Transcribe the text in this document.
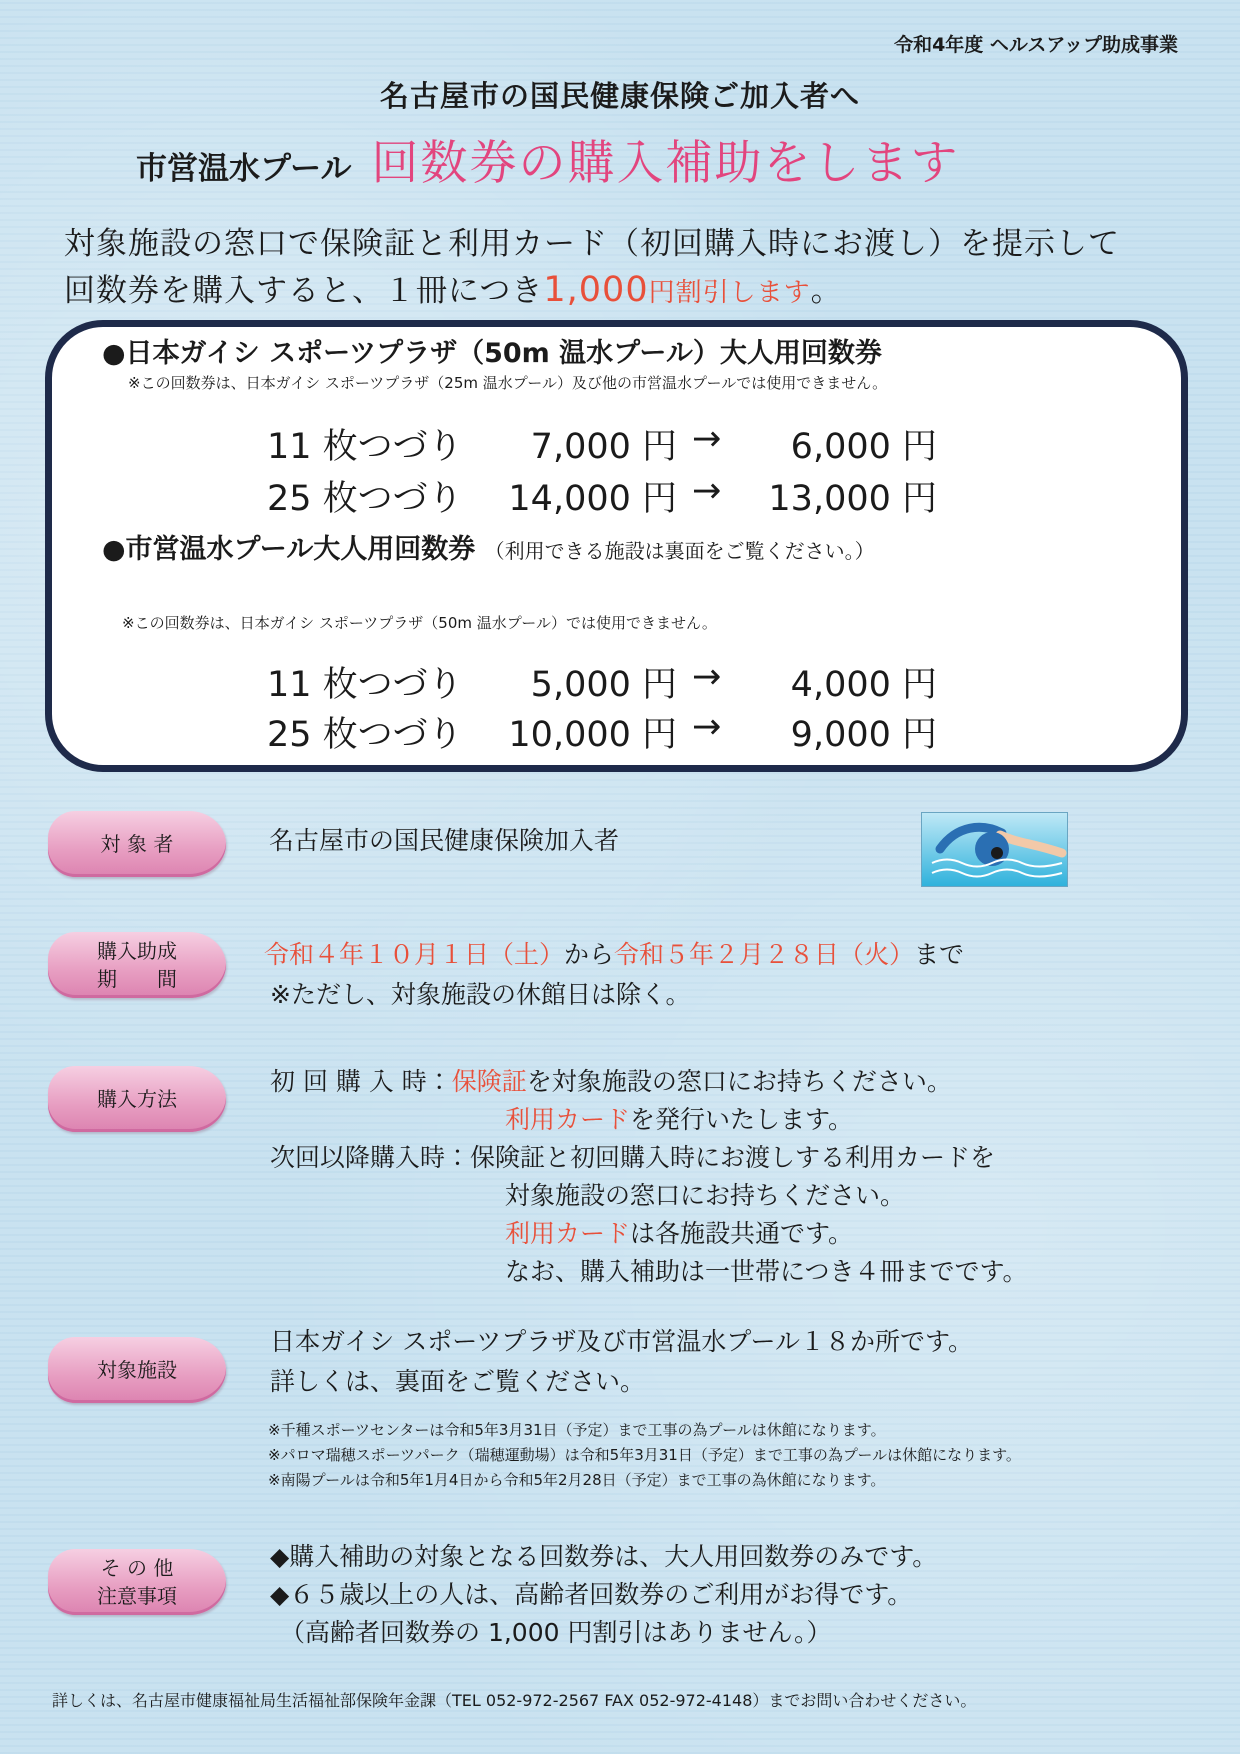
令和4年度 ヘルスアップ助成事業
名古屋市の国民健康保険ご加入者へ
市営温水プール 回数券の購入補助をします
対象施設の窓口で保険証と利用カード（初回購入時にお渡し）を提示して
回数券を購入すると、１冊につき1,000円割引します。
●日本ガイシ スポーツプラザ（50m 温水プール）大人用回数券
※この回数券は、日本ガイシ スポーツプラザ（25m 温水プール）及び他の市営温水プールでは使用できません。
11 枚つづり	7,000 円 →	6,000 円
25 枚つづり	14,000 円 → 13,000 円
●市営温水プール大人用回数券 （利用できる施設は裏面をご覧ください。）
※この回数券は、日本ガイシ スポーツプラザ（50m 温水プール）では使用できません。
11 枚つづり	5,000 円 →	4,000 円
25 枚つづり	10,000 円 →	9,000 円
対 象 者	名古屋市の国民健康保険加入者
購入助成
期　　間
令和４年１０月１日（土）から令和５年２月２８日（火）まで
※ただし、対象施設の休館日は除く。
購入方法
初 回 購 入 時：保険証を対象施設の窓口にお持ちください。
利用カードを発行いたします。
次回以降購入時：保険証と初回購入時にお渡しする利用カードを
対象施設の窓口にお持ちください。
利用カードは各施設共通です。
なお、購入補助は一世帯につき４冊までです。
対象施設
日本ガイシ スポーツプラザ及び市営温水プール１８か所です。
詳しくは、裏面をご覧ください。
※千種スポーツセンターは令和5年3月31日（予定）まで工事の為プールは休館になります。
※パロマ瑞穂スポーツパーク（瑞穂運動場）は令和5年3月31日（予定）まで工事の為プールは休館になります。
※南陽プールは令和5年1月4日から令和5年2月28日（予定）まで工事の為休館になります。
そ の 他
注意事項
◆購入補助の対象となる回数券は、大人用回数券のみです。
◆６５歳以上の人は、高齢者回数券のご利用がお得です。
（高齢者回数券の 1,000 円割引はありません。）
詳しくは、名古屋市健康福祉局生活福祉部保険年金課（TEL 052-972-2567 FAX 052-972-4148）までお問い合わせください。
